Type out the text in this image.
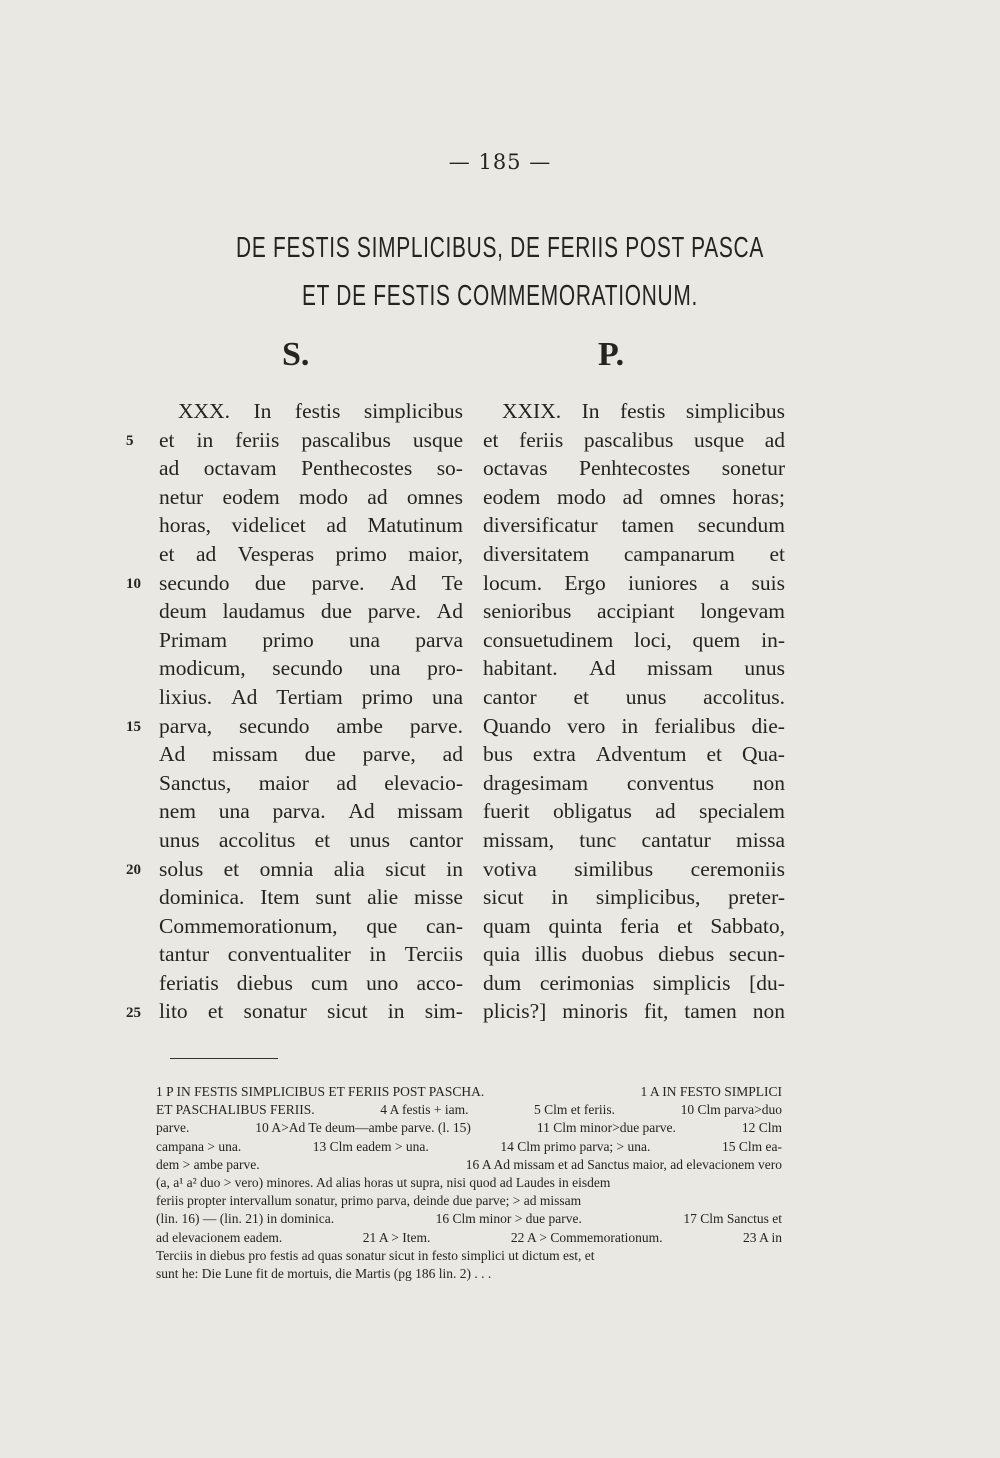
— 185 —
DE FESTIS SIMPLICIBUS, DE FERIIS POST PASCA
ET DE FESTIS COMMEMORATIONUM.
S.	P.
5
10
15
20
25
XXX. In festis simplicibus
et in feriis pascalibus usque
ad octavam Penthecostes so-
netur eodem modo ad omnes
horas, videlicet ad Matutinum
et ad Vesperas primo maior,
secundo due parve. Ad Te
deum laudamus due parve. Ad
Primam primo una parva
modicum, secundo una pro-
lixius. Ad Tertiam primo una
parva, secundo ambe parve.
Ad missam due parve, ad
Sanctus, maior ad elevacio-
nem una parva. Ad missam
unus accolitus et unus cantor
solus et omnia alia sicut in
dominica. Item sunt alie misse
Commemorationum, que can-
tantur conventualiter in Terciis
feriatis diebus cum uno acco-
lito et sonatur sicut in sim-
XXIX. In festis simplicibus
et feriis pascalibus usque ad
octavas Penhtecostes sonetur
eodem modo ad omnes horas;
diversificatur tamen secundum
diversitatem campanarum et
locum. Ergo iuniores a suis
senioribus accipiant longevam
consuetudinem loci, quem in-
habitant. Ad missam unus
cantor et unus accolitus.
Quando vero in ferialibus die-
bus extra Adventum et Qua-
dragesimam conventus non
fuerit obligatus ad specialem
missam, tunc cantatur missa
votiva similibus ceremoniis
sicut in simplicibus, preter-
quam quinta feria et Sabbato,
quia illis duobus diebus secun-
dum cerimonias simplicis [du-
plicis?] minoris fit, tamen non
1 P IN FESTIS SIMPLICIBUS ET FERIIS POST PASCHA.	1 A IN FESTO SIMPLICI
ET PASCHALIBUS FERIIS.	4 A festis + iam.	5 Clm et feriis.	10 Clm parva>duo
parve.	10 A>Ad Te deum—ambe parve. (l. 15)	11 Clm minor>due parve.	12 Clm
campana > una.	13 Clm eadem > una.	14 Clm primo parva; > una.	15 Clm ea-
dem > ambe parve.	16 A Ad missam et ad Sanctus maior, ad elevacionem vero
(a, a¹ a² duo > vero) minores. Ad alias horas ut supra, nisi quod ad Laudes in eisdem
feriis propter intervallum sonatur, primo parva, deinde due parve; > ad missam
(lin. 16) — (lin. 21) in dominica.	16 Clm minor > due parve.	17 Clm Sanctus et
ad elevacionem eadem.	21 A > Item.	22 A > Commemorationum.	23 A in
Terciis in diebus pro festis ad quas sonatur sicut in festo simplici ut dictum est, et
sunt he: Die Lune fit de mortuis, die Martis (pg 186 lin. 2) . . .
